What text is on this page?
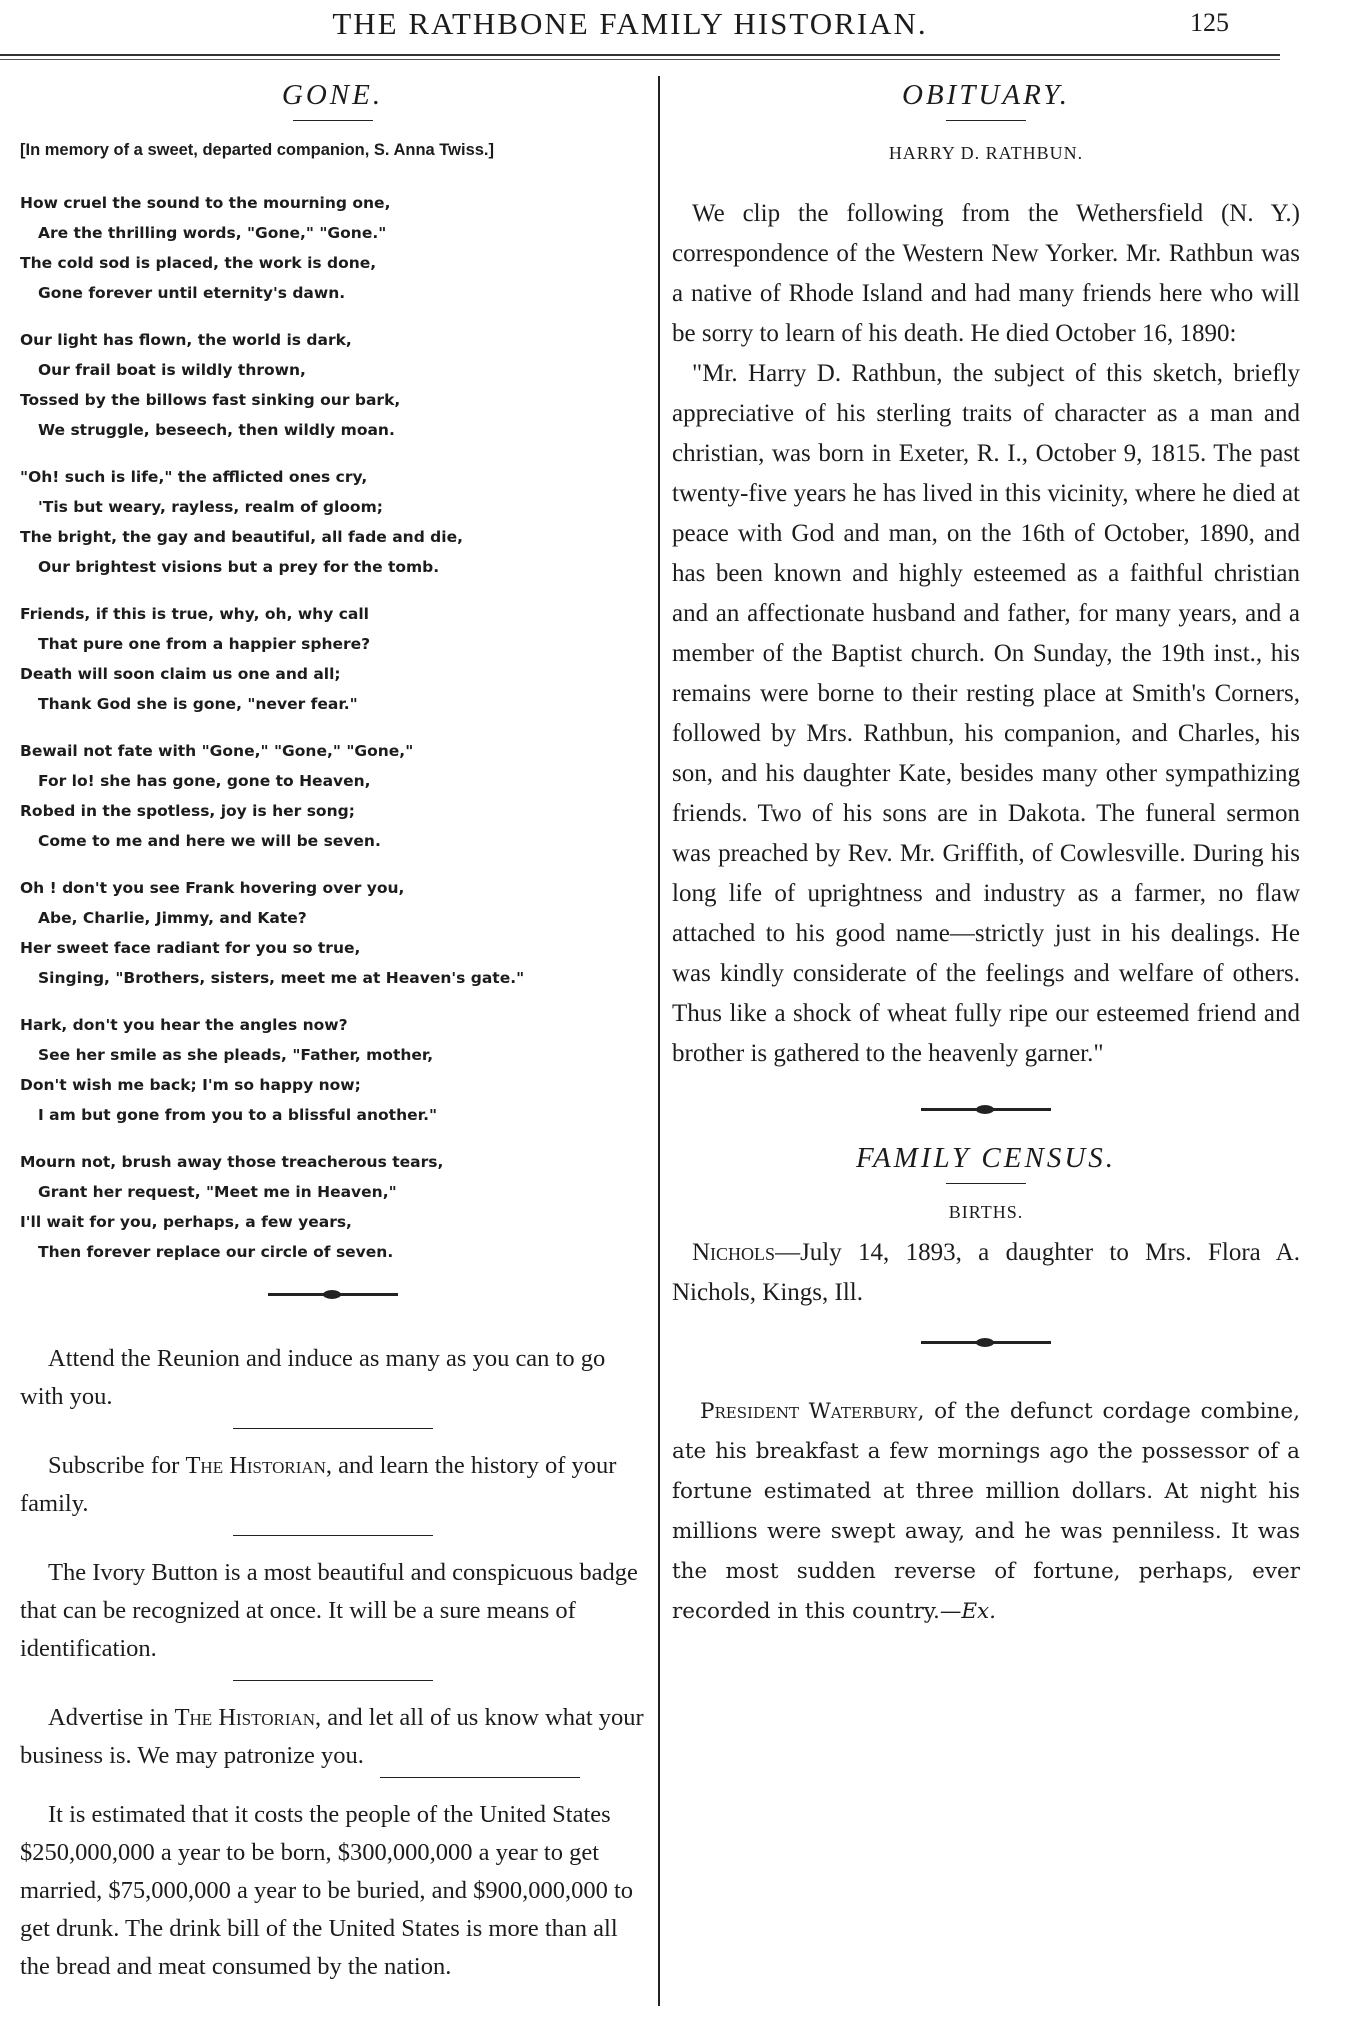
THE RATHBONE FAMILY HISTORIAN.	125
GONE.
[In memory of a sweet, departed companion, S. Anna Twiss.]
How cruel the sound to the mourning one,
Are the thrilling words, "Gone," "Gone."
The cold sod is placed, the work is done,
Gone forever until eternity's dawn.
Our light has flown, the world is dark,
Our frail boat is wildly thrown,
Tossed by the billows fast sinking our bark,
We struggle, beseech, then wildly moan.
"Oh! such is life," the afflicted ones cry,
'Tis but weary, rayless, realm of gloom;
The bright, the gay and beautiful, all fade and die,
Our brightest visions but a prey for the tomb.
Friends, if this is true, why, oh, why call
That pure one from a happier sphere?
Death will soon claim us one and all;
Thank God she is gone, "never fear."
Bewail not fate with "Gone," "Gone," "Gone,"
For lo! she has gone, gone to Heaven,
Robed in the spotless, joy is her song;
Come to me and here we will be seven.
Oh ! don't you see Frank hovering over you,
Abe, Charlie, Jimmy, and Kate?
Her sweet face radiant for you so true,
Singing, "Brothers, sisters, meet me at Heaven's gate."
Hark, don't you hear the angles now?
See her smile as she pleads, "Father, mother,
Don't wish me back; I'm so happy now;
I am but gone from you to a blissful another."
Mourn not, brush away those treacherous tears,
Grant her request, "Meet me in Heaven,"
I'll wait for you, perhaps, a few years,
Then forever replace our circle of seven.

Attend the Reunion and induce as many as you can to go with you.

Subscribe for The Historian, and learn the history of your family.

The Ivory Button is a most beautiful and conspicuous badge that can be recognized at once. It will be a sure means of identification.

Advertise in The Historian, and let all of us know what your business is. We may patronize you.

It is estimated that it costs the people of the United States $250,000,000 a year to be born, $300,000,000 a year to get married, $75,000,000 a year to be buried, and $900,000,000 to get drunk. The drink bill of the United States is more than all the bread and meat consumed by the nation.

OBITUARY.
HARRY D. RATHBUN.

We clip the following from the Wethersfield (N. Y.) correspondence of the Western New Yorker. Mr. Rathbun was a native of Rhode Island and had many friends here who will be sorry to learn of his death. He died October 16, 1890:

"Mr. Harry D. Rathbun, the subject of this sketch, briefly appreciative of his sterling traits of character as a man and christian, was born in Exeter, R. I., October 9, 1815. The past twenty-five years he has lived in this vicinity, where he died at peace with God and man, on the 16th of October, 1890, and has been known and highly esteemed as a faithful christian and an affectionate husband and father, for many years, and a member of the Baptist church. On Sunday, the 19th inst., his remains were borne to their resting place at Smith's Corners, followed by Mrs. Rathbun, his companion, and Charles, his son, and his daughter Kate, besides many other sympathizing friends. Two of his sons are in Dakota. The funeral sermon was preached by Rev. Mr. Griffith, of Cowlesville. During his long life of uprightness and industry as a farmer, no flaw attached to his good name—strictly just in his dealings. He was kindly considerate of the feelings and welfare of others. Thus like a shock of wheat fully ripe our esteemed friend and brother is gathered to the heavenly garner."

FAMILY CENSUS.
BIRTHS.

Nichols—July 14, 1893, a daughter to Mrs. Flora A. Nichols, Kings, Ill.

President Waterbury, of the defunct cordage combine, ate his breakfast a few mornings ago the possessor of a fortune estimated at three million dollars. At night his millions were swept away, and he was penniless. It was the most sudden reverse of fortune, perhaps, ever recorded in this country.—Ex.
